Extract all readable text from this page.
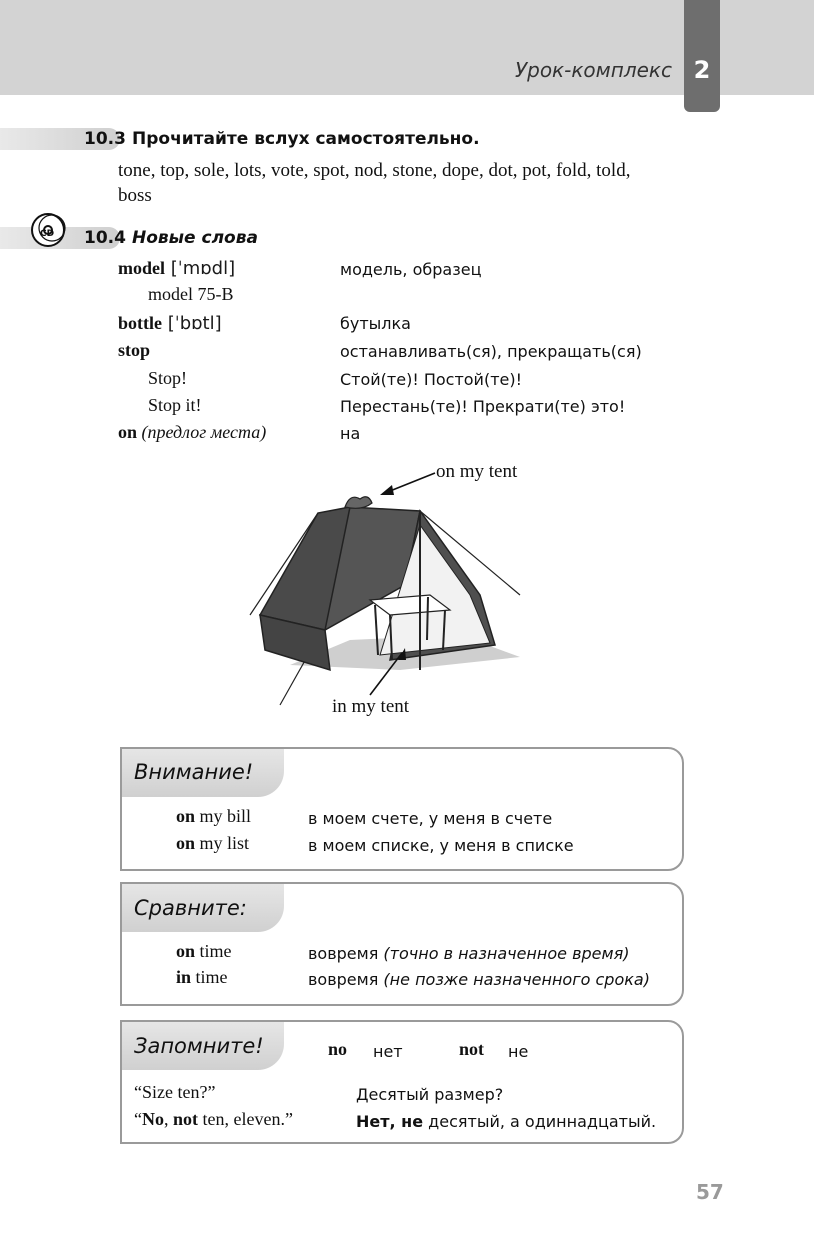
Урок-комплекс 2
10.3 Прочитайте вслух самостоятельно.
tone, top, sole, lots, vote, spot, nod, stone, dope, dot, pot, fold, told,
boss
CD 10.4 Новые слова
model [ˈmɒdl]	модель, образец
model 75-B
bottle [ˈbɒtl]	бутылка
stop	останавливать(ся), прекращать(ся)
Stop!	Стой(те)! Постой(те)!
Stop it!	Перестань(те)! Прекрати(те) это!
on (предлог места)	на
on my tent
in my tent
Внимание!
on my bill	в моем счете, у меня в счете
on my list	в моем списке, у меня в списке
Сравните:
on time	вовремя (точно в назначенное время)
in time	вовремя (не позже назначенного срока)
Запомните!	no нет	not не
“Size ten?”	Десятый размер?
“No, not ten, eleven.”	Нет, не десятый, а одиннадцатый.
57
